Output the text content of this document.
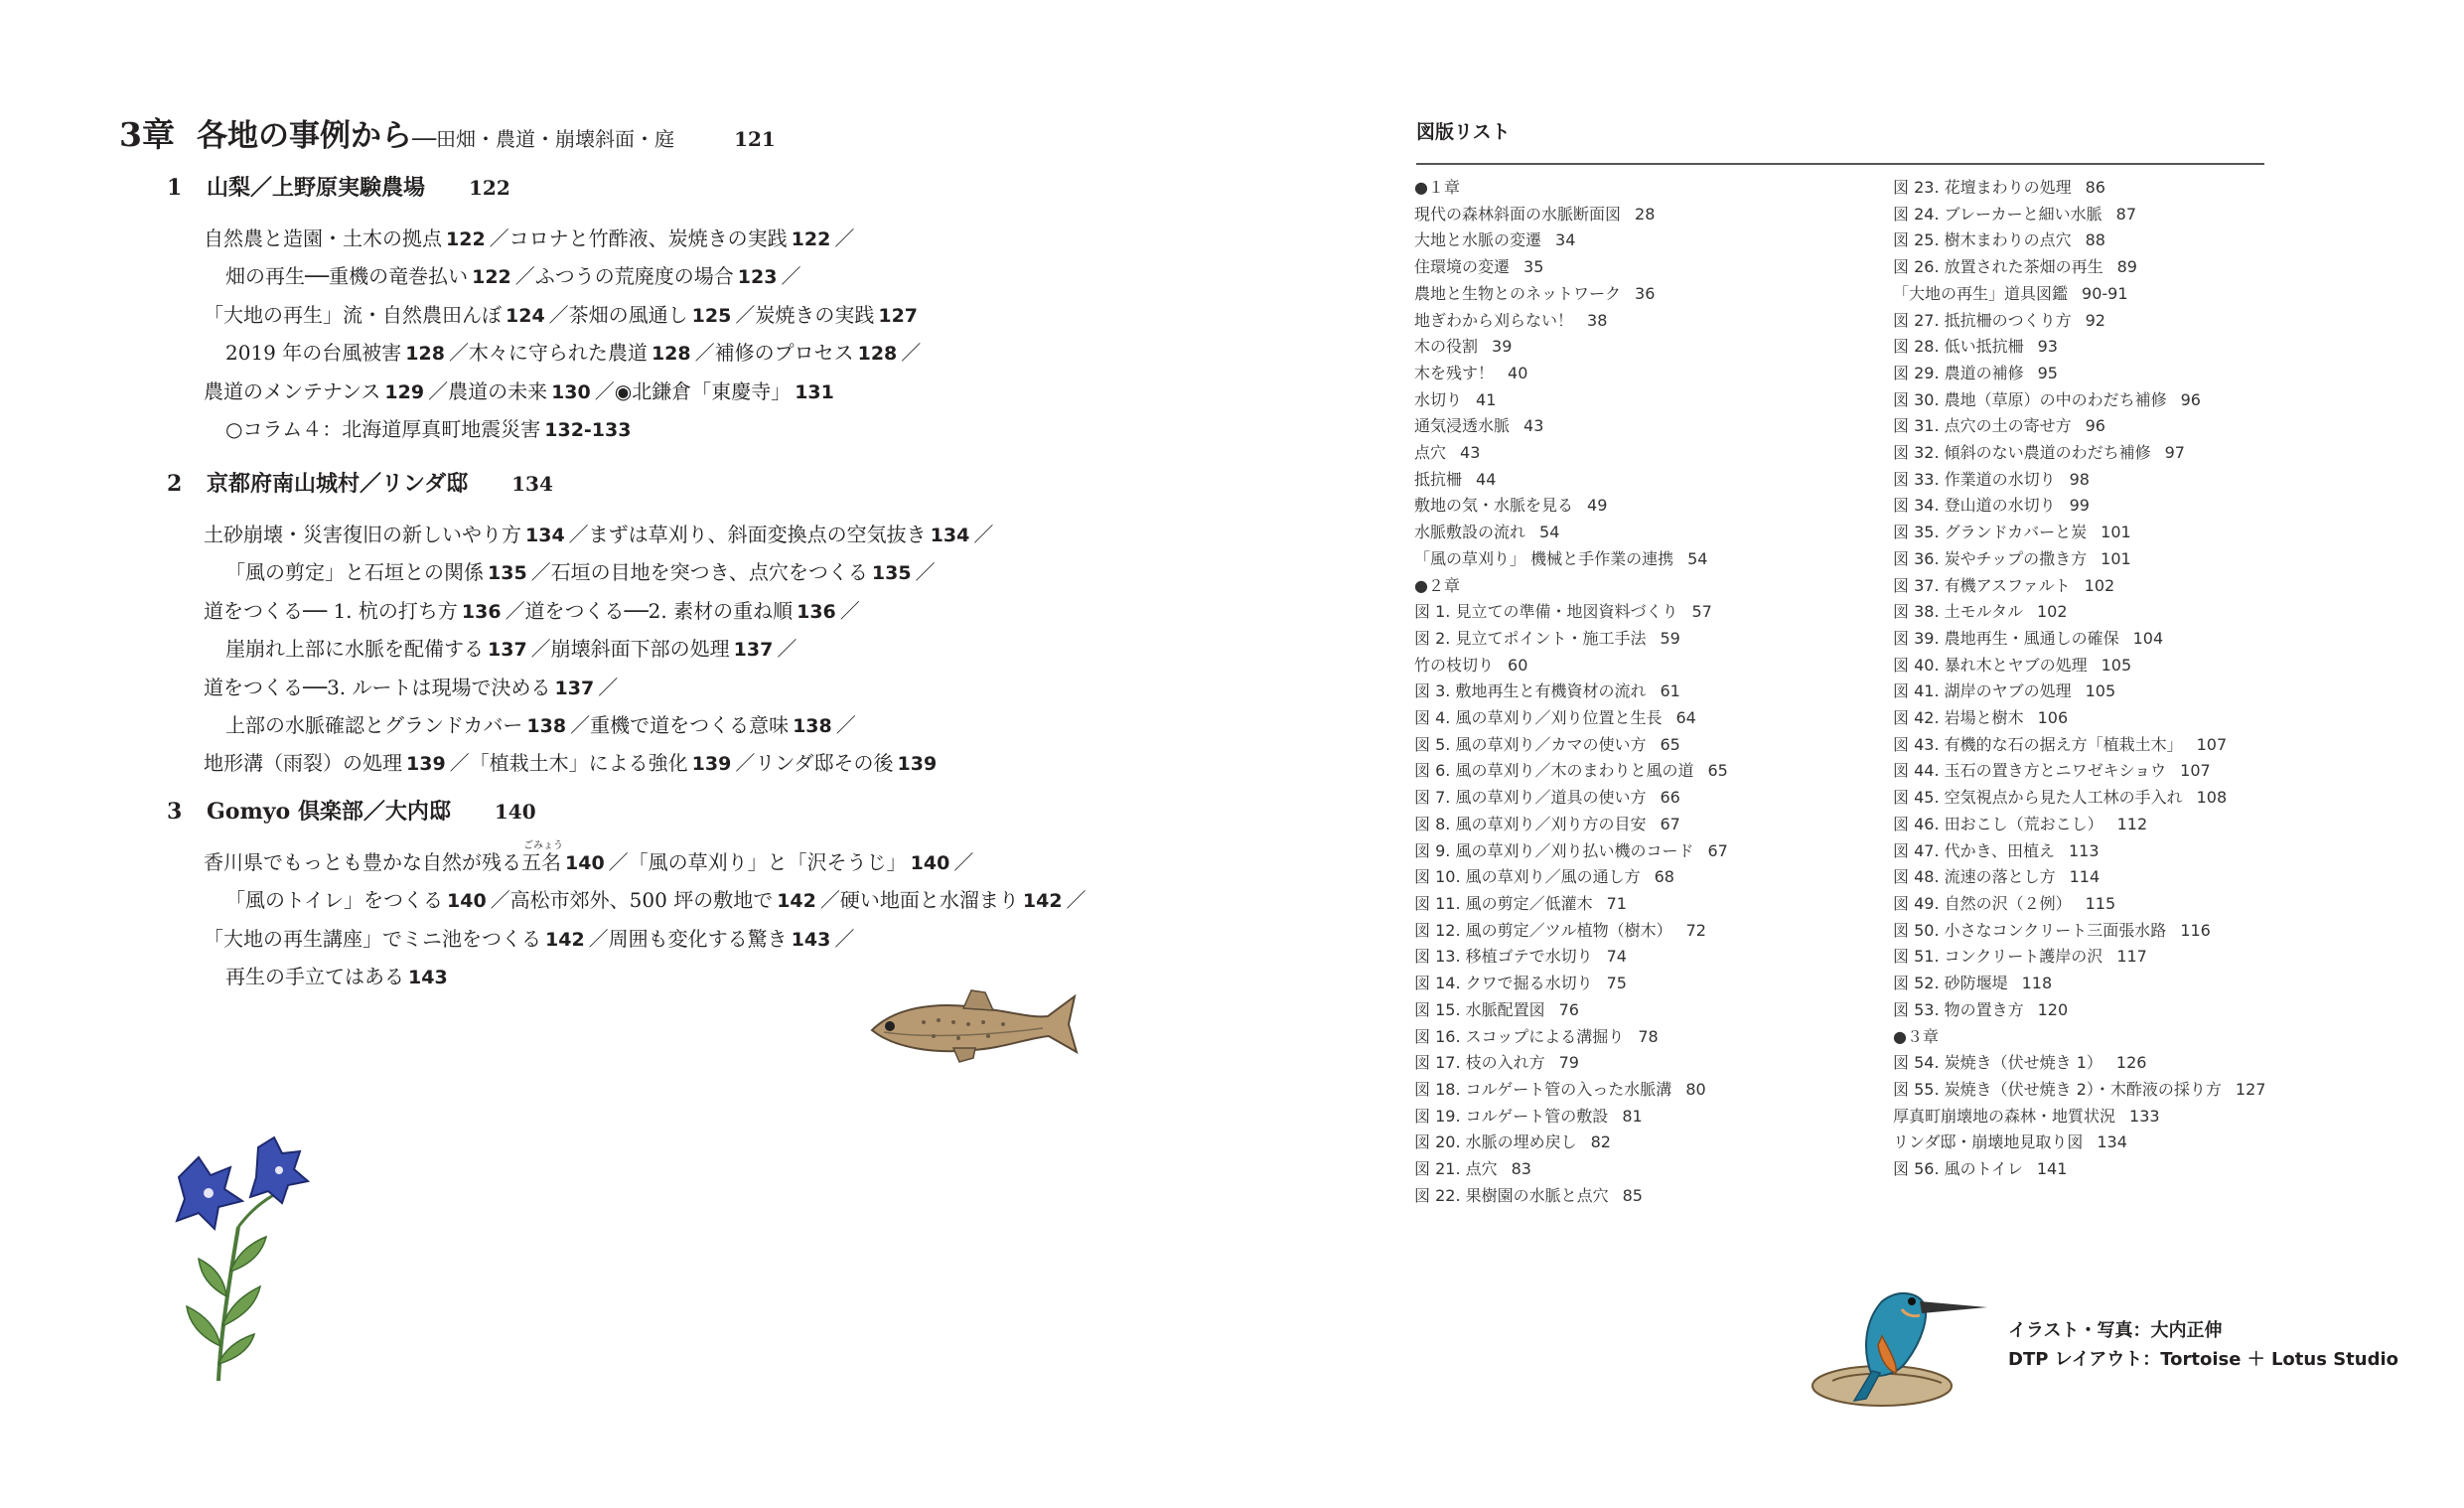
3章 各地の事例から──田畑・農道・崩壊斜面・庭	121
1 山梨／上野原実験農場 122
自然農と造園・土木の拠点 122 ／コロナと竹酢液、炭焼きの実践 122 ／
畑の再生──重機の竜巻払い 122 ／ふつうの荒廃度の場合 123 ／
「大地の再生」流・自然農田んぼ 124 ／茶畑の風通し 125 ／炭焼きの実践 127
2019 年の台風被害 128 ／木々に守られた農道 128 ／補修のプロセス 128 ／
農道のメンテナンス 129 ／農道の未来 130 ／◉北鎌倉「東慶寺」 131
○コラム４：北海道厚真町地震災害 132-133
2 京都府南山城村／リンダ邸 134
土砂崩壊・災害復旧の新しいやり方 134 ／まずは草刈り、斜面変換点の空気抜き 134 ／
「風の剪定」と石垣との関係 135 ／石垣の目地を突つき、点穴をつくる 135 ／
道をつくる── 1. 杭の打ち方 136 ／道をつくる──2. 素材の重ね順 136 ／
崖崩れ上部に水脈を配備する 137 ／崩壊斜面下部の処理 137 ／
道をつくる──3. ルートは現場で決める 137 ／
上部の水脈確認とグランドカバー 138 ／重機で道をつくる意味 138 ／
地形溝（雨裂）の処理 139 ／「植栽土木」による強化 139 ／リンダ邸その後 139
3 Gomyo 倶楽部／大内邸 140
香川県でもっとも豊かな自然が残る五名
ごみょう
140 ／「風の草刈り」と「沢そうじ」 140 ／
「風のトイレ」をつくる 140 ／高松市郊外、500 坪の敷地で 142 ／硬い地面と水溜まり 142 ／
「大地の再生講座」でミニ池をつくる 142 ／周囲も変化する驚き 143 ／
再生の手立てはある 143
図版リスト
●１章
現代の森林斜面の水脈断面図 28
大地と水脈の変遷 34
住環境の変遷 35
農地と生物とのネットワーク 36
地ぎわから刈らない！ 38
木の役割 39
木を残す！ 40
水切り 41
通気浸透水脈 43
点穴 43
抵抗柵 44
敷地の気・水脈を見る 49
水脈敷設の流れ 54
「風の草刈り」 機械と手作業の連携 54
●２章
図 1. 見立ての準備・地図資料づくり 57
図 2. 見立てポイント・施工手法 59
竹の枝切り 60
図 3. 敷地再生と有機資材の流れ 61
図 4. 風の草刈り／刈り位置と生長 64
図 5. 風の草刈り／カマの使い方 65
図 6. 風の草刈り／木のまわりと風の道 65
図 7. 風の草刈り／道具の使い方 66
図 8. 風の草刈り／刈り方の目安 67
図 9. 風の草刈り／刈り払い機のコード 67
図 10. 風の草刈り／風の通し方 68
図 11. 風の剪定／低灌木 71
図 12. 風の剪定／ツル植物（樹木） 72
図 13. 移植ゴテで水切り 74
図 14. クワで掘る水切り 75
図 15. 水脈配置図 76
図 16. スコップによる溝掘り 78
図 17. 枝の入れ方 79
図 18. コルゲート管の入った水脈溝 80
図 19. コルゲート管の敷設 81
図 20. 水脈の埋め戻し 82
図 21. 点穴 83
図 22. 果樹園の水脈と点穴 85
図 23. 花壇まわりの処理 86
図 24. ブレーカーと細い水脈 87
図 25. 樹木まわりの点穴 88
図 26. 放置された茶畑の再生 89
「大地の再生」道具図鑑 90-91
図 27. 抵抗柵のつくり方 92
図 28. 低い抵抗柵 93
図 29. 農道の補修 95
図 30. 農地（草原）の中のわだち補修 96
図 31. 点穴の土の寄せ方 96
図 32. 傾斜のない農道のわだち補修 97
図 33. 作業道の水切り 98
図 34. 登山道の水切り 99
図 35. グランドカバーと炭 101
図 36. 炭やチップの撒き方 101
図 37. 有機アスファルト 102
図 38. 土モルタル 102
図 39. 農地再生・風通しの確保 104
図 40. 暴れ木とヤブの処理 105
図 41. 湖岸のヤブの処理 105
図 42. 岩場と樹木 106
図 43. 有機的な石の据え方「植栽土木」 107
図 44. 玉石の置き方とニワゼキショウ 107
図 45. 空気視点から見た人工林の手入れ 108
図 46. 田おこし（荒おこし） 112
図 47. 代かき、田植え 113
図 48. 流速の落とし方 114
図 49. 自然の沢（２例） 115
図 50. 小さなコンクリート三面張水路 116
図 51. コンクリート護岸の沢 117
図 52. 砂防堰堤 118
図 53. 物の置き方 120
●３章
図 54. 炭焼き（伏せ焼き 1） 126
図 55. 炭焼き（伏せ焼き 2）・木酢液の採り方 127
厚真町崩壊地の森林・地質状況 133
リンダ邸・崩壊地見取り図 134
図 56. 風のトイレ 141
イラスト・写真：大内正伸
DTP レイアウト：Tortoise ＋ Lotus Studio
